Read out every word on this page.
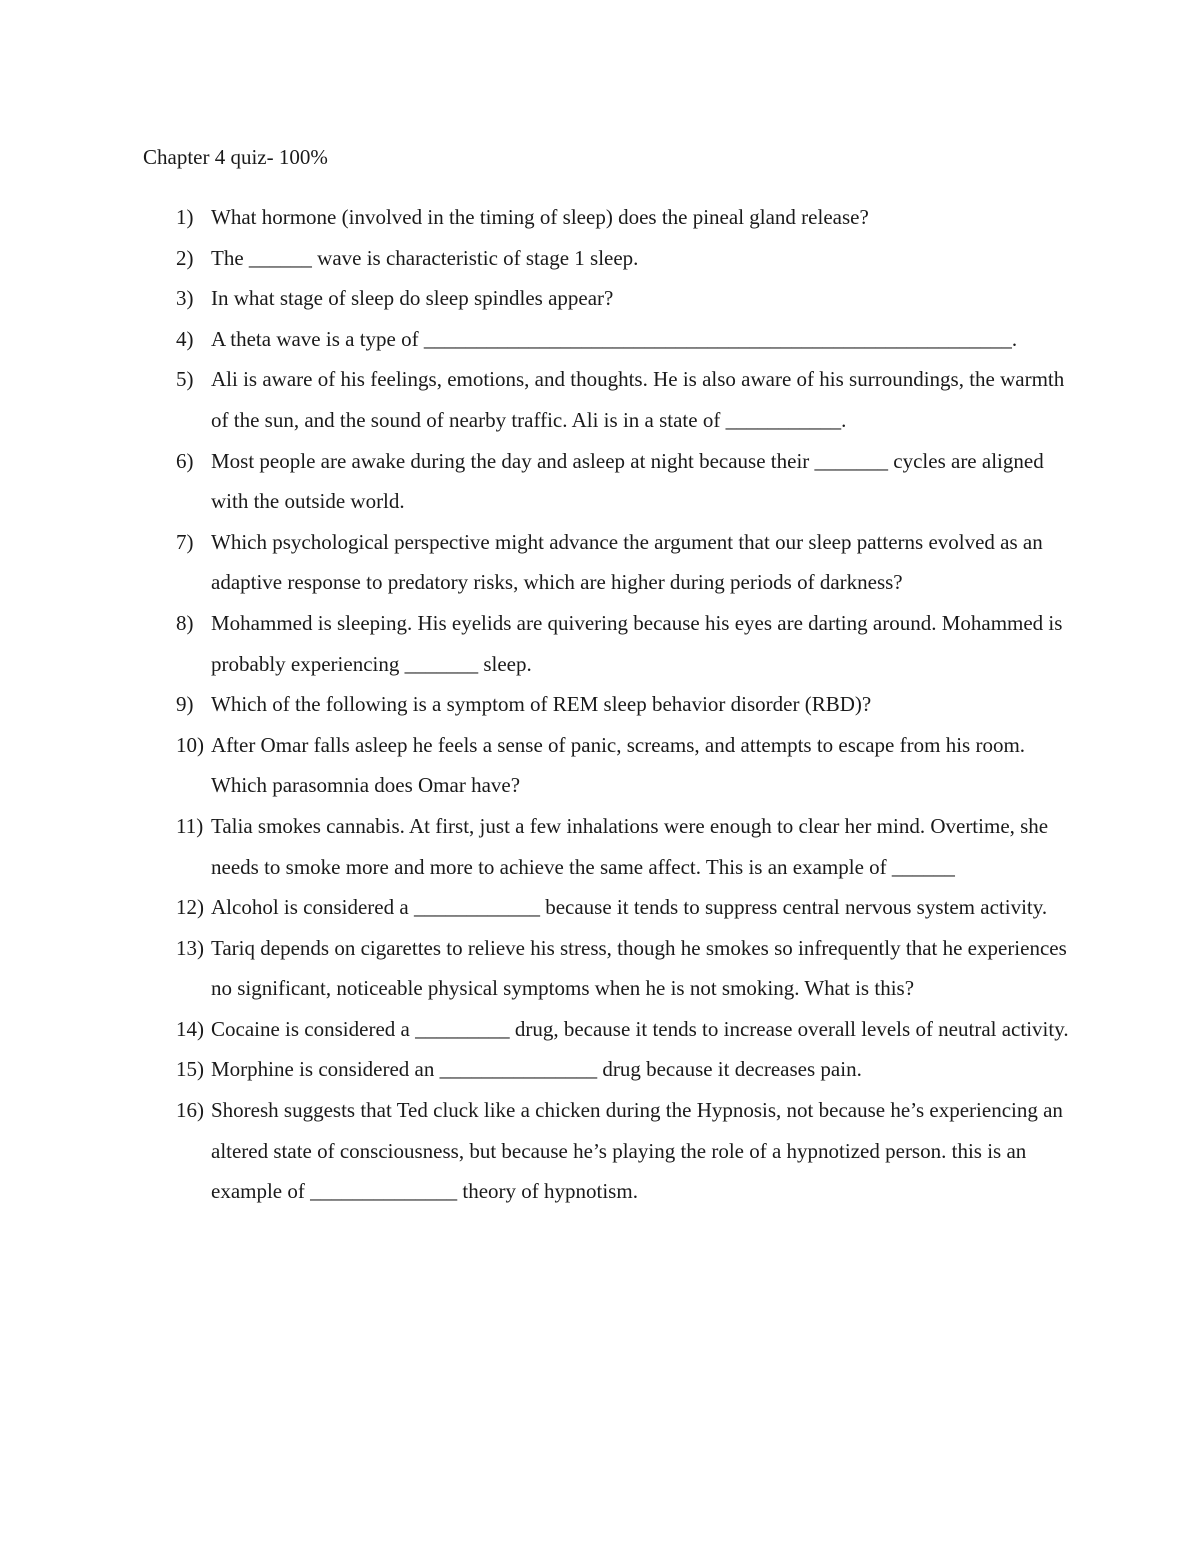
Chapter 4 quiz- 100%
1) What hormone (involved in the timing of sleep) does the pineal gland release?
2) The ______ wave is characteristic of stage 1 sleep.
3) In what stage of sleep do sleep spindles appear?
4) A theta wave is a type of ________________________________________________________.
5) Ali is aware of his feelings, emotions, and thoughts. He is also aware of his surroundings, the warmth of the sun, and the sound of nearby traffic. Ali is in a state of ___________.
6) Most people are awake during the day and asleep at night because their _______ cycles are aligned with the outside world.
7) Which psychological perspective might advance the argument that our sleep patterns evolved as an adaptive response to predatory risks, which are higher during periods of darkness?
8) Mohammed is sleeping. His eyelids are quivering because his eyes are darting around. Mohammed is probably experiencing _______ sleep.
9) Which of the following is a symptom of REM sleep behavior disorder (RBD)?
10) After Omar falls asleep he feels a sense of panic, screams, and attempts to escape from his room. Which parasomnia does Omar have?
11) Talia smokes cannabis. At first, just a few inhalations were enough to clear her mind. Overtime, she needs to smoke more and more to achieve the same affect. This is an example of ______
12) Alcohol is considered a ____________ because it tends to suppress central nervous system activity.
13) Tariq depends on cigarettes to relieve his stress, though he smokes so infrequently that he experiences no significant, noticeable physical symptoms when he is not smoking. What is this?
14) Cocaine is considered a _________ drug, because it tends to increase overall levels of neutral activity.
15) Morphine is considered an _______________ drug because it decreases pain.
16) Shoresh suggests that Ted cluck like a chicken during the Hypnosis, not because he’s experiencing an altered state of consciousness, but because he’s playing the role of a hypnotized person. this is an example of ______________ theory of hypnotism.
